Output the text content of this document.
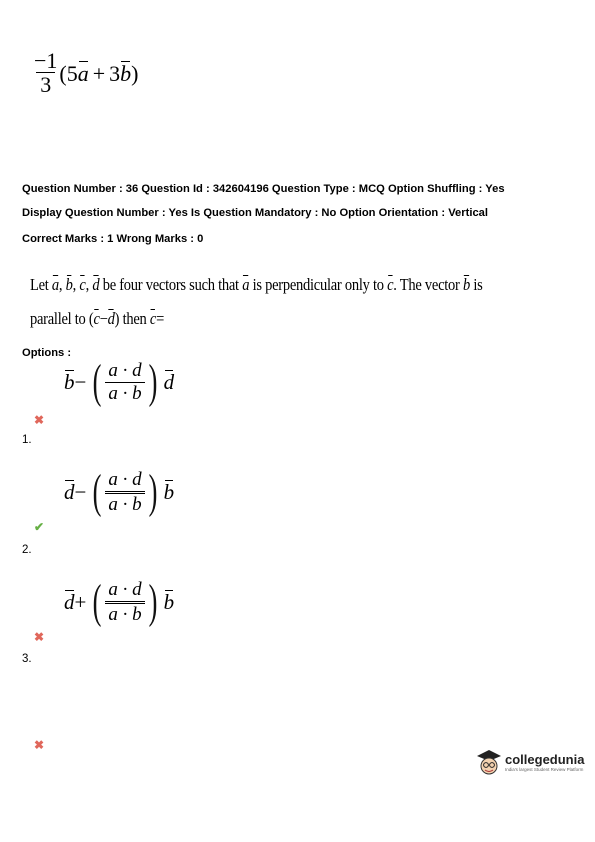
$\frac{-1}{3}$ ( 5 a + 3 b )
Question Number : 36 Question Id : 342604196 Question Type : MCQ Option Shuffling : Yes
Display Question Number : Yes Is Question Mandatory : No Option Orientation : Vertical
Correct Marks : 1 Wrong Marks : 0
Let a, b, c, d be four vectors such that a is perpendicular only to c. The vector b is
parallel to (c−d) then c=
Options :
b − ( $\frac{a \cdot d}{a \cdot b}$ ) d
✖
1.
d − ( $\frac{a \cdot d}{a \cdot b}$ ) b
✔
2.
d + ( $\frac{a \cdot d}{a \cdot b}$ ) b
✖
3.
✖
collegedunia
India's largest Student Review Platform
